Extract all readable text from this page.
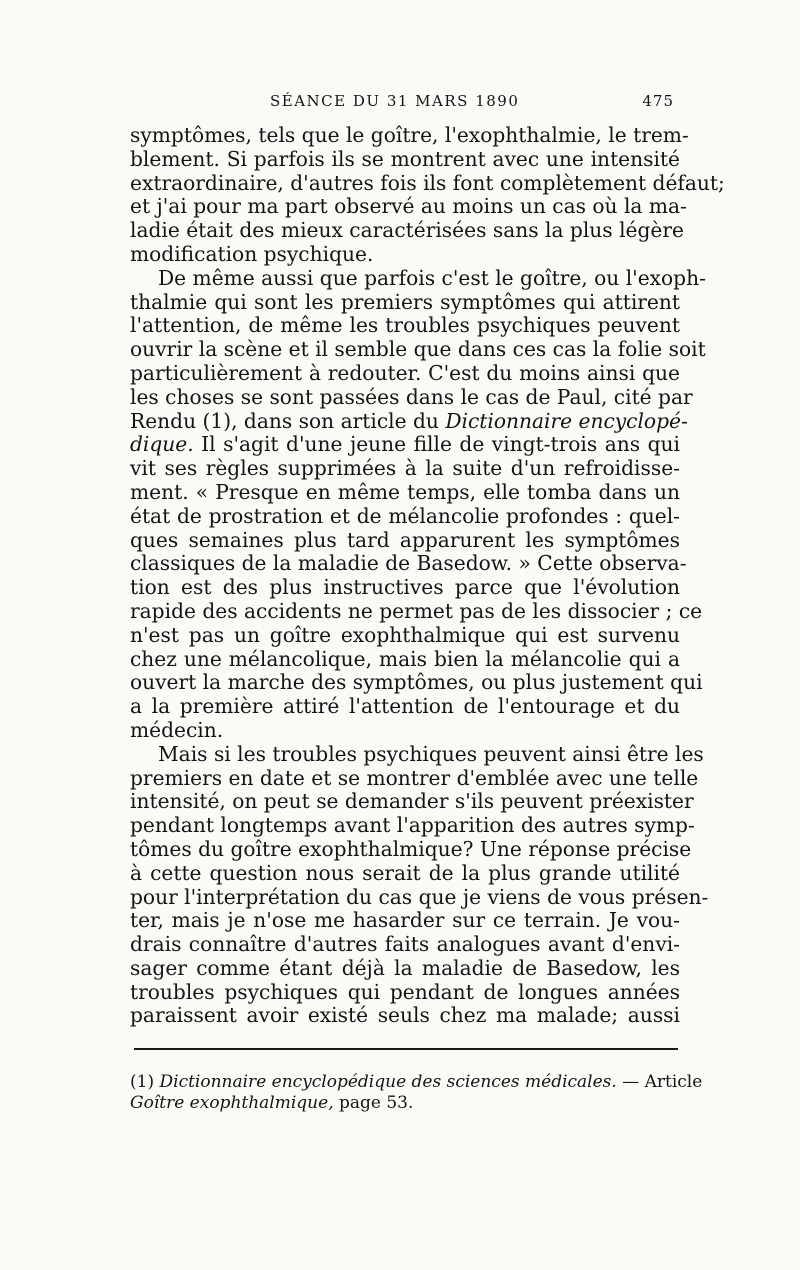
SÉANCE DU 31 MARS 1890	475
symptômes, tels que le goître, l'exophthalmie, le trem-
blement. Si parfois ils se montrent avec une intensité
extraordinaire, d'autres fois ils font complètement défaut;
et j'ai pour ma part observé au moins un cas où la ma-
ladie était des mieux caractérisées sans la plus légère
modification psychique.
De même aussi que parfois c'est le goître, ou l'exoph-
thalmie qui sont les premiers symptômes qui attirent
l'attention, de même les troubles psychiques peuvent
ouvrir la scène et il semble que dans ces cas la folie soit
particulièrement à redouter. C'est du moins ainsi que
les choses se sont passées dans le cas de Paul, cité par
Rendu (1), dans son article du Dictionnaire encyclopé-
dique. Il s'agit d'une jeune fille de vingt-trois ans qui
vit ses règles supprimées à la suite d'un refroidisse-
ment. « Presque en même temps, elle tomba dans un
état de prostration et de mélancolie profondes : quel-
ques semaines plus tard apparurent les symptômes
classiques de la maladie de Basedow. » Cette observa-
tion est des plus instructives parce que l'évolution
rapide des accidents ne permet pas de les dissocier ; ce
n'est pas un goître exophthalmique qui est survenu
chez une mélancolique, mais bien la mélancolie qui a
ouvert la marche des symptômes, ou plus justement qui
a la première attiré l'attention de l'entourage et du
médecin.
Mais si les troubles psychiques peuvent ainsi être les
premiers en date et se montrer d'emblée avec une telle
intensité, on peut se demander s'ils peuvent préexister
pendant longtemps avant l'apparition des autres symp-
tômes du goître exophthalmique? Une réponse précise
à cette question nous serait de la plus grande utilité
pour l'interprétation du cas que je viens de vous présen-
ter, mais je n'ose me hasarder sur ce terrain. Je vou-
drais connaître d'autres faits analogues avant d'envi-
sager comme étant déjà la maladie de Basedow, les
troubles psychiques qui pendant de longues années
paraissent avoir existé seuls chez ma malade; aussi
(1) Dictionnaire encyclopédique des sciences médicales. — Article
Goître exophthalmique, page 53.
